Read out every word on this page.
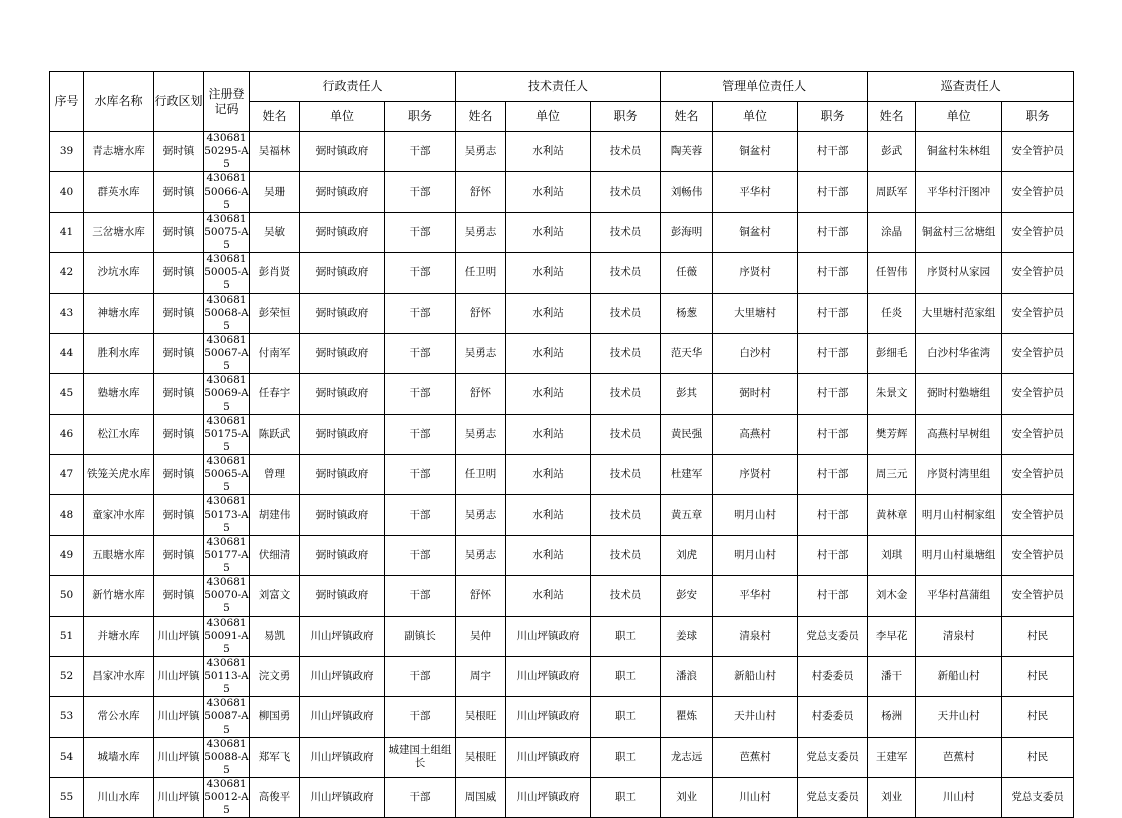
序号	水库名称	行政区划	注册登记码	行政责任人			技术责任人			管理单位责任人			巡查责任人		
				姓名	单位	职务	姓名	单位	职务	姓名	单位	职务	姓名	单位	职务
39	青志塘水库	弼时镇	43068150295-A5	吴福林	弼时镇政府	干部	吴勇志	水利站	技术员	陶芙蓉	铜盆村	村干部	彭武	铜盆村朱林组	安全管护员
40	群英水库	弼时镇	43068150066-A5	吴珊	弼时镇政府	干部	舒怀	水利站	技术员	刘畅伟	平华村	村干部	周跃军	平华村汗图冲	安全管护员
41	三岔塘水库	弼时镇	43068150075-A5	吴敏	弼时镇政府	干部	吴勇志	水利站	技术员	彭海明	铜盆村	村干部	涂晶	铜盆村三岔塘组	安全管护员
42	沙坑水库	弼时镇	43068150005-A5	彭肖贤	弼时镇政府	干部	任卫明	水利站	技术员	任薇	序贤村	村干部	任智伟	序贤村从家园	安全管护员
43	神塘水库	弼时镇	43068150068-A5	彭荣恒	弼时镇政府	干部	舒怀	水利站	技术员	杨葱	大里塘村	村干部	任炎	大里塘村范家组	安全管护员
44	胜利水库	弼时镇	43068150067-A5	付南军	弼时镇政府	干部	吴勇志	水利站	技术员	范天华	白沙村	村干部	彭细毛	白沙村华雀湾	安全管护员
45	塾塘水库	弼时镇	43068150069-A5	任春宇	弼时镇政府	干部	舒怀	水利站	技术员	彭其	弼时村	村干部	朱景文	弼时村塾塘组	安全管护员
46	松江水库	弼时镇	43068150175-A5	陈跃武	弼时镇政府	干部	吴勇志	水利站	技术员	黄民强	高燕村	村干部	樊芳辉	高燕村早树组	安全管护员
47	铁笼关虎水库	弼时镇	43068150065-A5	曾理	弼时镇政府	干部	任卫明	水利站	技术员	杜建军	序贤村	村干部	周三元	序贤村湾里组	安全管护员
48	童家冲水库	弼时镇	43068150173-A5	胡建伟	弼时镇政府	干部	吴勇志	水利站	技术员	黄五章	明月山村	村干部	黄林章	明月山村桐家组	安全管护员
49	五眼塘水库	弼时镇	43068150177-A5	伏细清	弼时镇政府	干部	吴勇志	水利站	技术员	刘虎	明月山村	村干部	刘琪	明月山村巢塘组	安全管护员
50	新竹塘水库	弼时镇	43068150070-A5	刘富文	弼时镇政府	干部	舒怀	水利站	技术员	彭安	平华村	村干部	刘木金	平华村菖蒲组	安全管护员
51	并塘水库	川山坪镇	43068150091-A5	易凯	川山坪镇政府	副镇长	吴仲	川山坪镇政府	职工	姜球	清泉村	党总支委员	李早花	清泉村	村民
52	昌家冲水库	川山坪镇	43068150113-A5	浣文勇	川山坪镇政府	干部	周宇	川山坪镇政府	职工	潘浪	新船山村	村委委员	潘干	新船山村	村民
53	常公水库	川山坪镇	43068150087-A5	柳国勇	川山坪镇政府	干部	吴根旺	川山坪镇政府	职工	瞿炼	天井山村	村委委员	杨洲	天井山村	村民
54	城墙水库	川山坪镇	43068150088-A5	郑军飞	川山坪镇政府	城建国土组组长	吴根旺	川山坪镇政府	职工	龙志远	芭蕉村	党总支委员	王建军	芭蕉村	村民
55	川山水库	川山坪镇	43068150012-A5	高俊平	川山坪镇政府	干部	周国威	川山坪镇政府	职工	刘业	川山村	党总支委员	刘业	川山村	党总支委员
